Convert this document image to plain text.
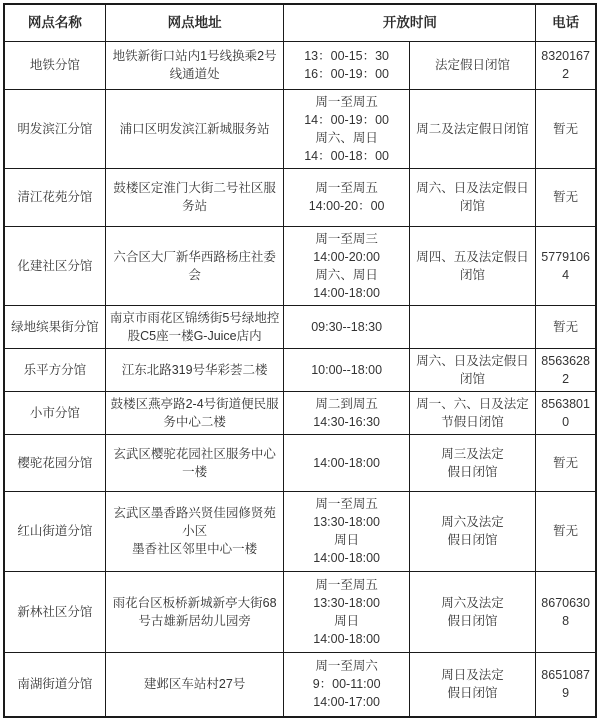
网点名称	网点地址	开放时间		电话

地铁分馆	地铁新街口站内1号线换乘2号线通道处	13：00-15：30
16：00-19：00	法定假日闭馆	83201672

明发滨江分馆	浦口区明发滨江新城服务站	周一至周五
14：00-19：00
周六、周日
14：00-18：00	周二及法定假日闭馆	暂无

清江花苑分馆	鼓楼区定淮门大街二号社区服务站	周一至周五
14:00-20：00	周六、日及法定假日
闭馆	暂无

化建社区分馆	六合区大厂新华西路杨庄社委会	周一至周三
14:00-20:00
周六、周日
14:00-18:00	周四、五及法定假日
闭馆	57791064

绿地缤果街分馆	南京市雨花区锦绣街5号绿地控股C5座一楼G-Juice店内	09:30--18:30		暂无

乐平方分馆	江东北路319号华彩荟二楼	10:00--18:00	周六、日及法定假日
闭馆	85636282

小市分馆	鼓楼区燕亭路2-4号街道便民服务中心二楼	周二到周五
14:30-16:30	周一、六、日及法定
节假日闭馆	85638010

樱驼花园分馆	玄武区樱驼花园社区服务中心一楼	14:00-18:00	周三及法定
假日闭馆	暂无

红山街道分馆	玄武区墨香路兴贤佳园修贤苑小区
墨香社区邻里中心一楼	周一至周五
13:30-18:00
周日
14:00-18:00	周六及法定
假日闭馆	暂无

新林社区分馆	雨花台区板桥新城新亭大街68号古雄新居幼儿园旁	周一至周五
13:30-18:00
周日
14:00-18:00	周六及法定
假日闭馆	86706308

南湖街道分馆	建邺区车站村27号	周一至周六
9：00-11:00
14:00-17:00	周日及法定
假日闭馆	86510879
